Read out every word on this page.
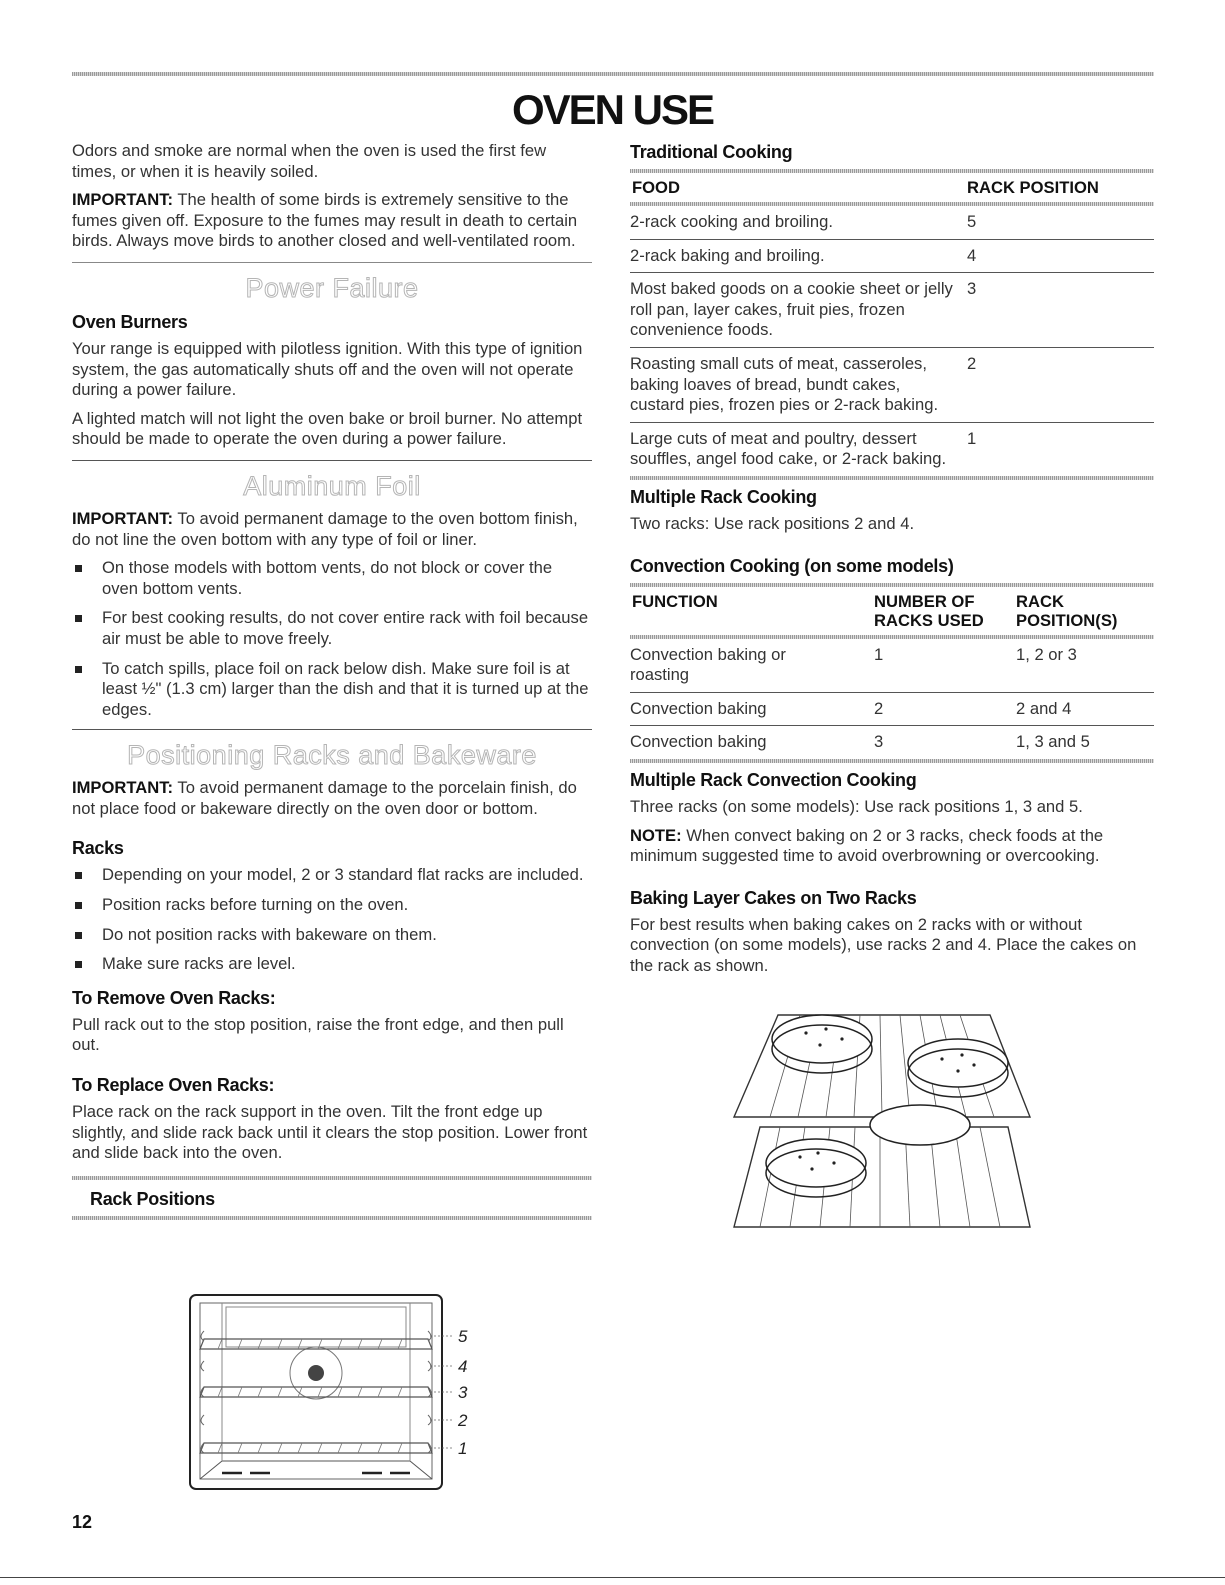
OVEN USE

Odors and smoke are normal when the oven is used the first few times, or when it is heavily soiled.

IMPORTANT: The health of some birds is extremely sensitive to the fumes given off. Exposure to the fumes may result in death to certain birds. Always move birds to another closed and well-ventilated room.

Power Failure
Oven Burners

Your range is equipped with pilotless ignition. With this type of ignition system, the gas automatically shuts off and the oven will not operate during a power failure.

A lighted match will not light the oven bake or broil burner. No attempt should be made to operate the oven during a power failure.

Aluminum Foil

IMPORTANT: To avoid permanent damage to the oven bottom finish, do not line the oven bottom with any type of foil or liner.

On those models with bottom vents, do not block or cover the oven bottom vents.
For best cooking results, do not cover entire rack with foil because air must be able to move freely.
To catch spills, place foil on rack below dish. Make sure foil is at least ½" (1.3 cm) larger than the dish and that it is turned up at the edges.
Positioning Racks and Bakeware

IMPORTANT: To avoid permanent damage to the porcelain finish, do not place food or bakeware directly on the oven door or bottom.

Racks
Depending on your model, 2 or 3 standard flat racks are included.
Position racks before turning on the oven.
Do not position racks with bakeware on them.
Make sure racks are level.
To Remove Oven Racks:

Pull rack out to the stop position, raise the front edge, and then pull out.

To Replace Oven Racks:

Place rack on the rack support in the oven. Tilt the front edge up slightly, and slide rack back until it clears the stop position. Lower front and slide back into the oven.

Rack Positions
5
4
3
2
1
Traditional Cooking
FOOD	RACK POSITION

2-rack cooking and broiling.	5
2-rack baking and broiling.	4
Most baked goods on a cookie sheet or jelly roll pan, layer cakes, fruit pies, frozen convenience foods.	3
Roasting small cuts of meat, casseroles, baking loaves of bread, bundt cakes, custard pies, frozen pies or 2-rack baking.	2
Large cuts of meat and poultry, dessert souffles, angel food cake, or 2-rack baking.	1
Multiple Rack Cooking

Two racks: Use rack positions 2 and 4.

Convection Cooking (on some models)
FUNCTION	NUMBER OF RACKS USED	RACK POSITION(S)

Convection baking or roasting	1	1, 2 or 3
Convection baking	2	2 and 4
Convection baking	3	1, 3 and 5
Multiple Rack Convection Cooking

Three racks (on some models): Use rack positions 1, 3 and 5.

NOTE: When convect baking on 2 or 3 racks, check foods at the minimum suggested time to avoid overbrowning or overcooking.

Baking Layer Cakes on Two Racks

For best results when baking cakes on 2 racks with or without convection (on some models), use racks 2 and 4. Place the cakes on the rack as shown.

12
